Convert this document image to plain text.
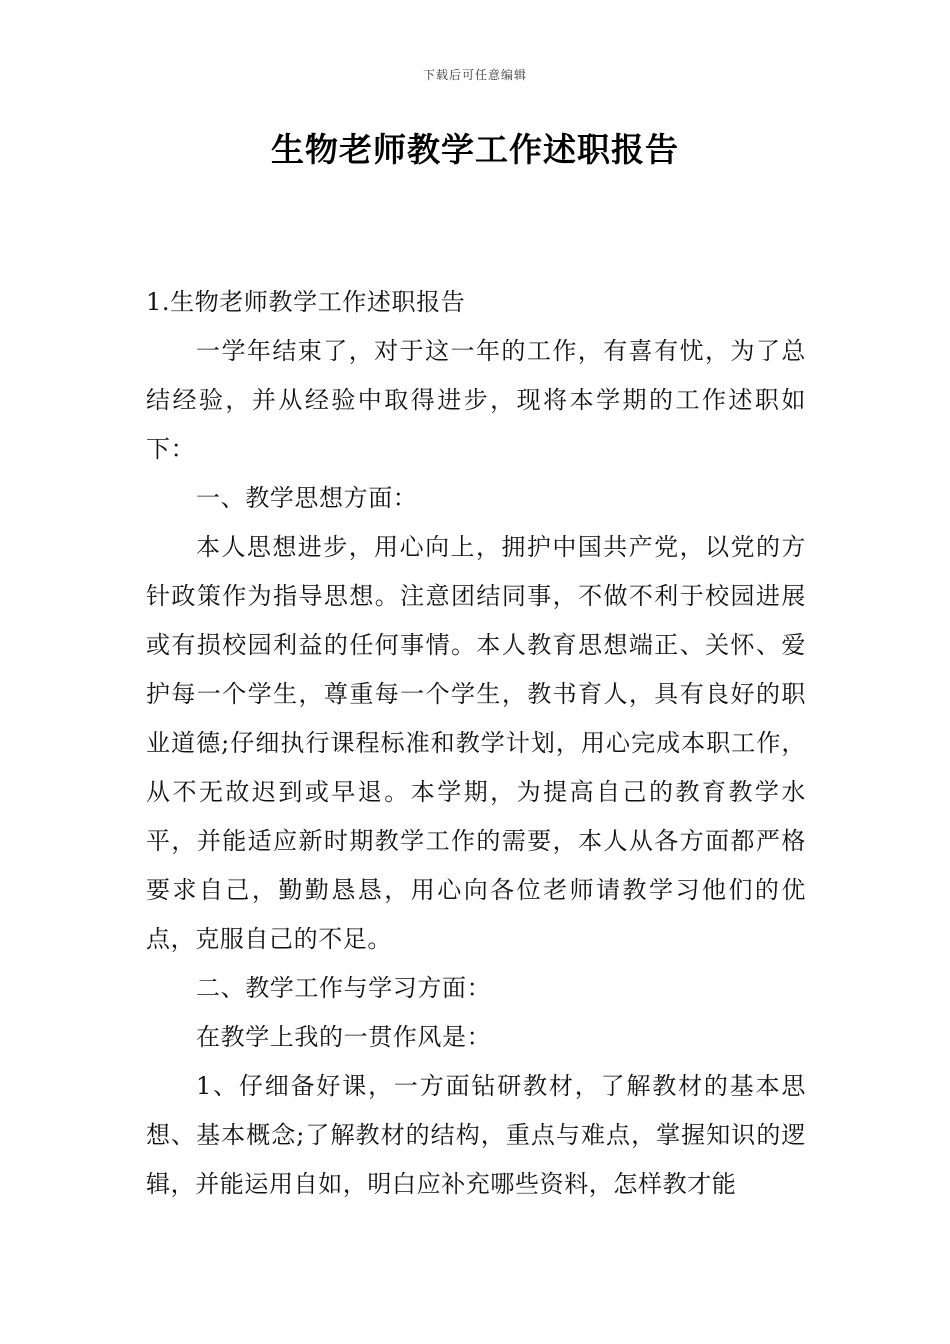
下载后可任意编辑
生物老师教学工作述职报告

1.生物老师教学工作述职报告

一学年结束了，对于这一年的工作，有喜有忧，为了总结经验，并从经验中取得进步，现将本学期的工作述职如下：

一、教学思想方面：

本人思想进步，用心向上，拥护中国共产党，以党的方针政策作为指导思想。注意团结同事，不做不利于校园进展或有损校园利益的任何事情。本人教育思想端正、关怀、爱护每一个学生，尊重每一个学生，教书育人，具有良好的职业道德;仔细执行课程标准和教学计划，用心完成本职工作，从不无故迟到或早退。本学期，为提高自己的教育教学水平，并能适应新时期教学工作的需要，本人从各方面都严格要求自己，勤勤恳恳，用心向各位老师请教学习他们的优点，克服自己的不足。

二、教学工作与学习方面：

在教学上我的一贯作风是：

1、仔细备好课，一方面钻研教材，了解教材的基本思想、基本概念;了解教材的结构，重点与难点，掌握知识的逻辑，并能运用自如，明白应补充哪些资料，怎样教才能
